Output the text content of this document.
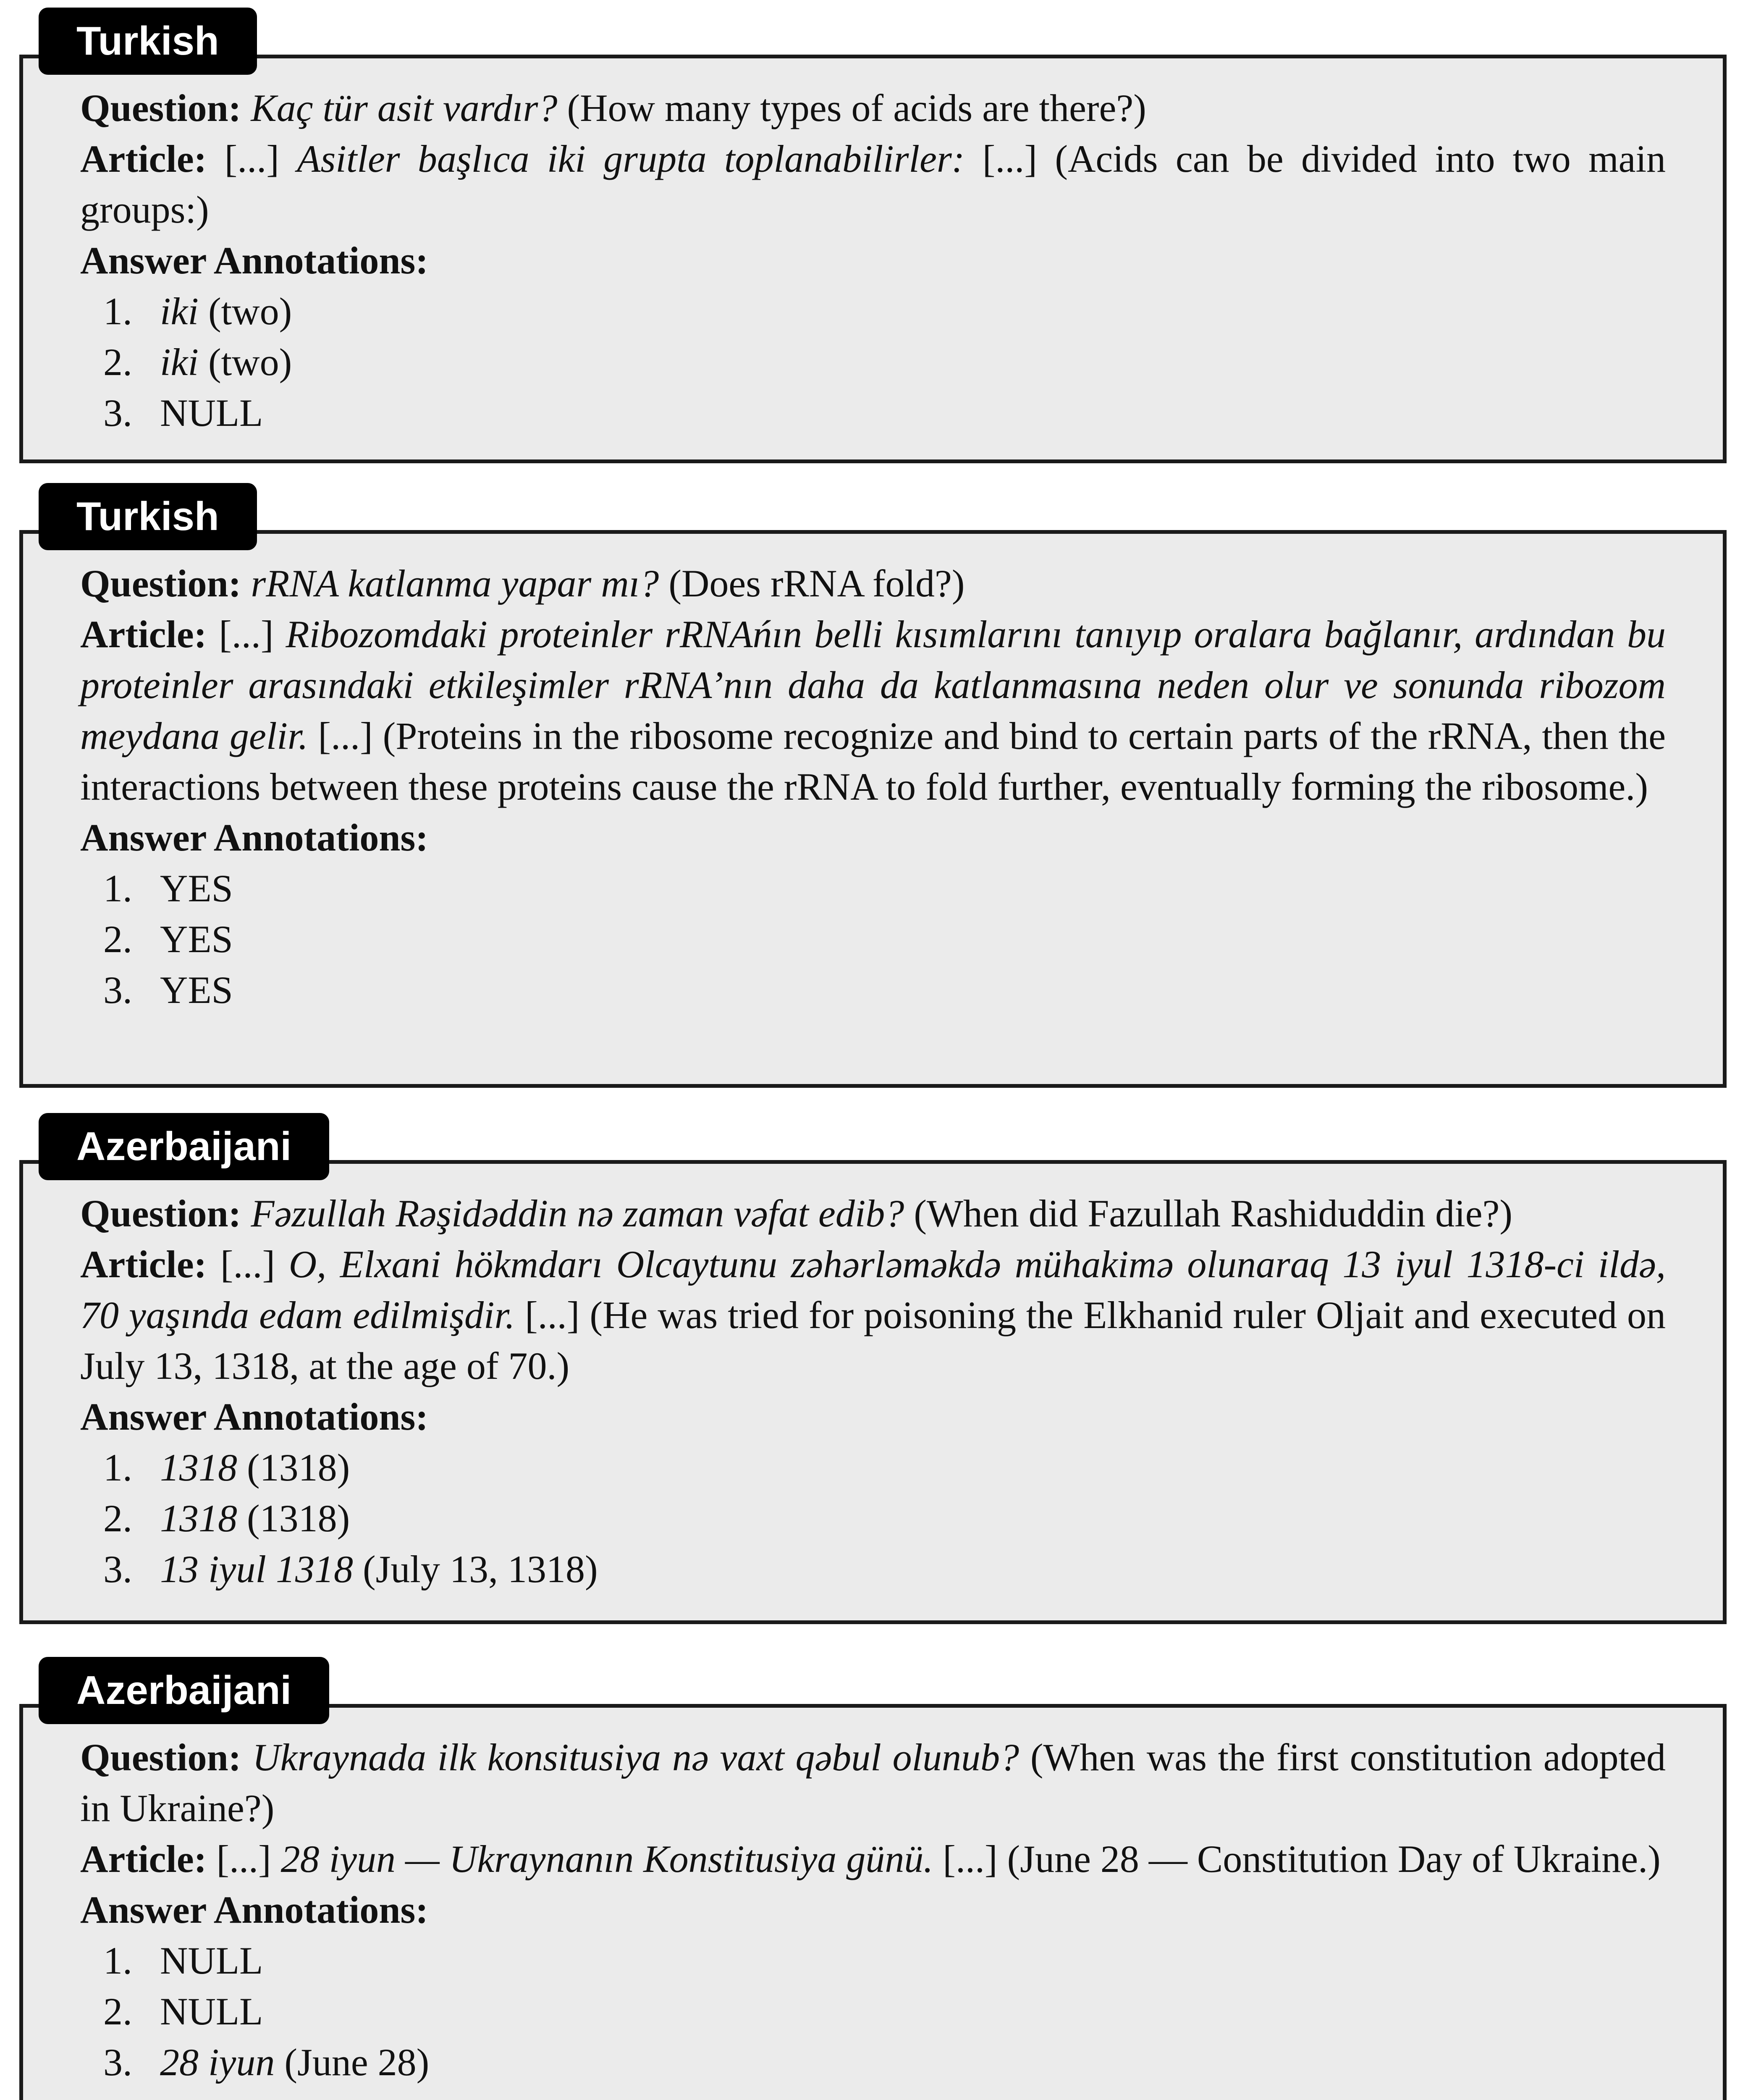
Turkish

Question: Kaç tür asit vardır? (How many types of acids are there?)

Article: [...] Asitler başlıca iki grupta toplanabilirler: [...] (Acids can be divided into two main groups:)

Answer Annotations:

1. iki (two)
2. iki (two)
3. NULL
Turkish

Question: rRNA katlanma yapar mı? (Does rRNA fold?)

Article: [...] Ribozomdaki proteinler rRNAńın belli kısımlarını tanıyıp oralara bağlanır, ardından bu proteinler arasındaki etkileşimler rRNA’nın daha da katlanmasına neden olur ve sonunda ribozom meydana gelir. [...] (Proteins in the ribosome recognize and bind to certain parts of the rRNA, then the interactions between these proteins cause the rRNA to fold further, eventually forming the ribosome.)

Answer Annotations:

1. YES
2. YES
3. YES
Azerbaijani

Question: Fəzullah Rəşidəddin nə zaman vəfat edib? (When did Fazullah Rashiduddin die?)

Article: [...] O, Elxani hökmdarı Olcaytunu zəhərləməkdə mühakimə olunaraq 13 iyul 1318-ci ildə, 70 yaşında edam edilmişdir. [...] (He was tried for poisoning the Elkhanid ruler Oljait and executed on July 13, 1318, at the age of 70.)

Answer Annotations:

1. 1318 (1318)
2. 1318 (1318)
3. 13 iyul 1318 (July 13, 1318)
Azerbaijani

Question: Ukraynada ilk konsitusiya nə vaxt qəbul olunub? (When was the first constitution adopted in Ukraine?)

Article: [...] 28 iyun — Ukraynanın Konstitusiya günü. [...] (June 28 — Constitution Day of Ukraine.)

Answer Annotations:

1. NULL
2. NULL
3. 28 iyun (June 28)
